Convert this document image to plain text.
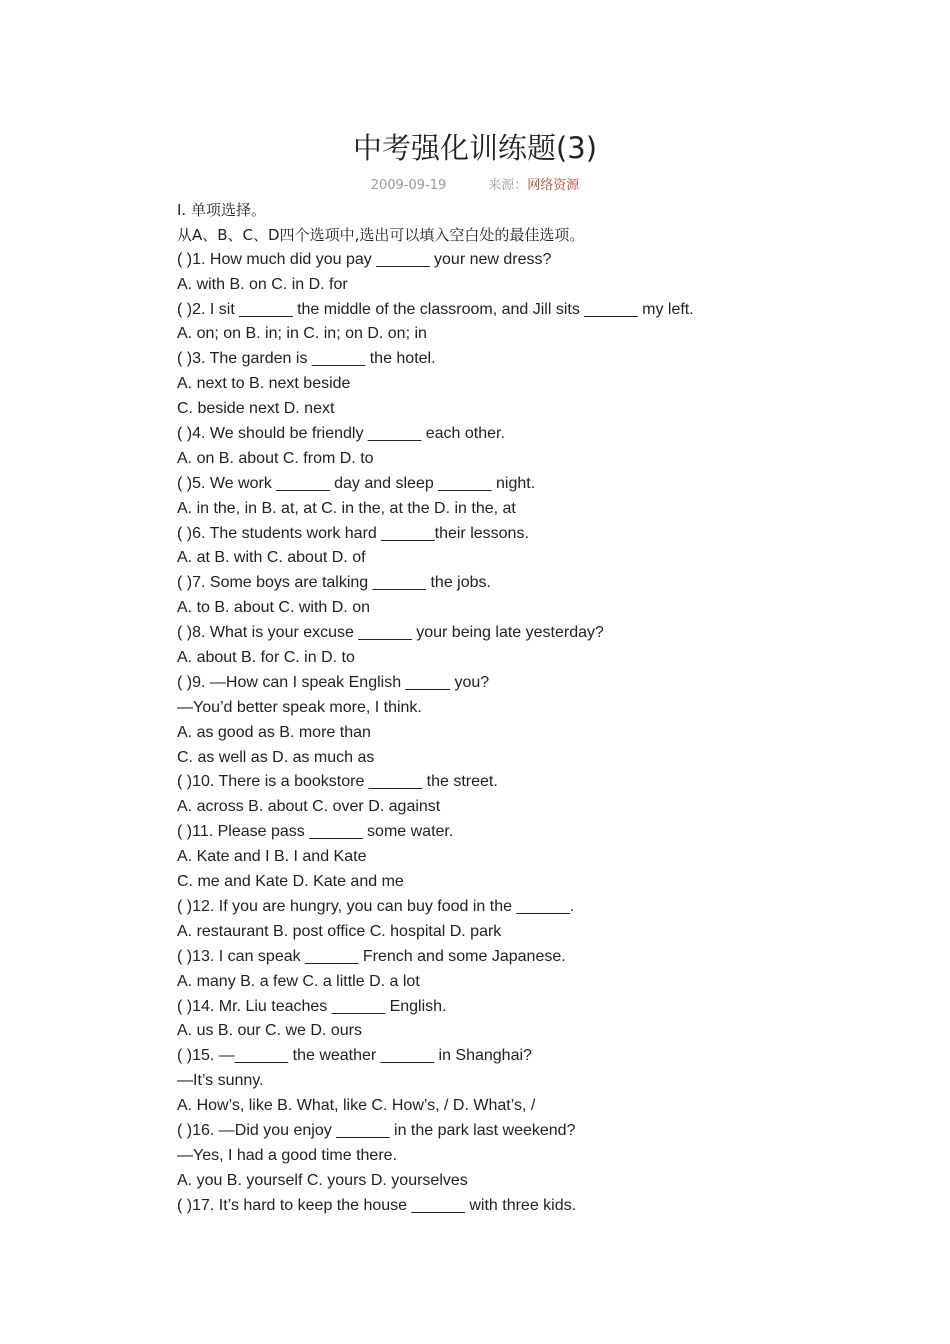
中考强化训练题(3)
2009-09-19	来源：网络资源
I. 单项选择。
从A、B、C、D四个选项中,选出可以填入空白处的最佳选项。
( )1. How much did you pay ______ your new dress?
A. with B. on C. in D. for
( )2. I sit ______ the middle of the classroom, and Jill sits ______ my left.
A. on; on B. in; in C. in; on D. on; in
( )3. The garden is ______ the hotel.
A. next to B. next beside
C. beside next D. next
( )4. We should be friendly ______ each other.
A. on B. about C. from D. to
( )5. We work ______ day and sleep ______ night.
A. in the, in B. at, at C. in the, at the D. in the, at
( )6. The students work hard ______their lessons.
A. at B. with C. about D. of
( )7. Some boys are talking ______ the jobs.
A. to B. about C. with D. on
( )8. What is your excuse ______ your being late yesterday?
A. about B. for C. in D. to
( )9. —How can I speak English _____ you?
—You’d better speak more, I think.
A. as good as B. more than
C. as well as D. as much as
( )10. There is a bookstore ______ the street.
A. across B. about C. over D. against
( )11. Please pass ______ some water.
A. Kate and I B. I and Kate
C. me and Kate D. Kate and me
( )12. If you are hungry, you can buy food in the ______.
A. restaurant B. post office C. hospital D. park
( )13. I can speak ______ French and some Japanese.
A. many B. a few C. a little D. a lot
( )14. Mr. Liu teaches ______ English.
A. us B. our C. we D. ours
( )15. —______ the weather ______ in Shanghai?
—It’s sunny.
A. How’s, like B. What, like C. How’s, / D. What’s, /
( )16. —Did you enjoy ______ in the park last weekend?
—Yes, I had a good time there.
A. you B. yourself C. yours D. yourselves
( )17. It’s hard to keep the house ______ with three kids.
